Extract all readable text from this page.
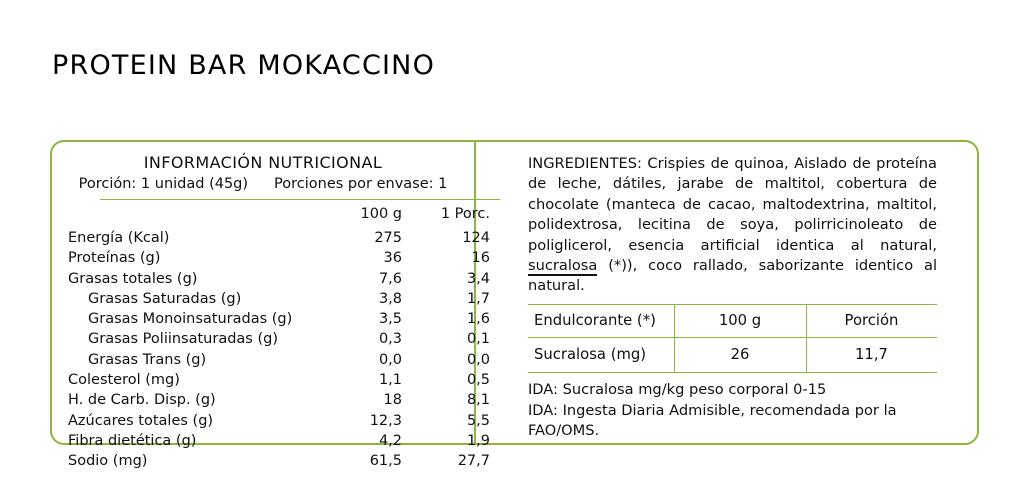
PROTEIN BAR MOKACCINO
INFORMACIÓN NUTRICIONAL
Porción: 1 unidad (45g) Porciones por envase: 1
100 g	1 Porc.
Energía (Kcal)	275	124
Proteínas (g)	36	16
Grasas totales (g)	7,6	3,4
Grasas Saturadas (g)	3,8	1,7
Grasas Monoinsaturadas (g)	3,5	1,6
Grasas Poliinsaturadas (g)	0,3	0,1
Grasas Trans (g)	0,0	0,0
Colesterol (mg)	1,1	0,5
H. de Carb. Disp. (g)	18	8,1
Azúcares totales (g)	12,3	5,5
Fibra dietética (g)	4,2	1,9
Sodio (mg)	61,5	27,7
INGREDIENTES: Crispies de quinoa, Aislado de proteína de leche, dátiles, jarabe de maltitol, cobertura de chocolate (manteca de cacao, maltodextrina, maltitol, polidextrosa, lecitina de soya, polirricinoleato de poliglicerol, esencia artificial identica al natural, sucralosa (*)), coco rallado, saborizante identico al natural.
Endulcorante (*)	100 g	Porción
Sucralosa (mg)	26	11,7
IDA: Sucralosa mg/kg peso corporal 0-15
IDA: Ingesta Diaria Admisible, recomendada por la
FAO/OMS.
